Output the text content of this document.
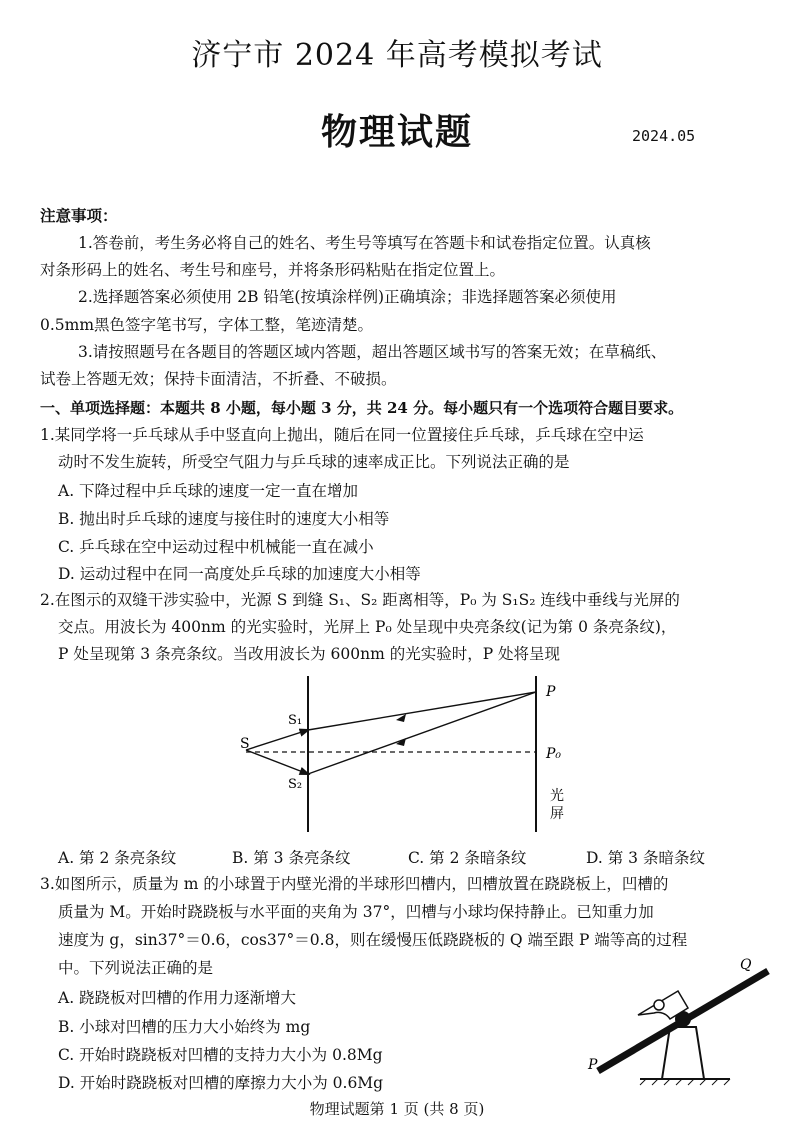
济宁市 2024 年高考模拟考试
物理试题	2024.05
注意事项：
1.答卷前，考生务必将自己的姓名、考生号等填写在答题卡和试卷指定位置。认真核
对条形码上的姓名、考生号和座号，并将条形码粘贴在指定位置上。
2.选择题答案必须使用 2B 铅笔(按填涂样例)正确填涂；非选择题答案必须使用
0.5mm黑色签字笔书写，字体工整，笔迹清楚。
3.请按照题号在各题目的答题区域内答题，超出答题区域书写的答案无效；在草稿纸、
试卷上答题无效；保持卡面清洁，不折叠、不破损。
一、单项选择题：本题共 8 小题，每小题 3 分，共 24 分。每小题只有一个选项符合题目要求。
1.某同学将一乒乓球从手中竖直向上抛出，随后在同一位置接住乒乓球，乒乓球在空中运
动时不发生旋转，所受空气阻力与乒乓球的速率成正比。下列说法正确的是
A. 下降过程中乒乓球的速度一定一直在增加
B. 抛出时乒乓球的速度与接住时的速度大小相等
C. 乒乓球在空中运动过程中机械能一直在减小
D. 运动过程中在同一高度处乒乓球的加速度大小相等
2.在图示的双缝干涉实验中，光源 S 到缝 S₁、S₂ 距离相等，P₀ 为 S₁S₂ 连线中垂线与光屏的
交点。用波长为 400nm 的光实验时，光屏上 P₀ 处呈现中央亮条纹(记为第 0 条亮条纹)，
P 处呈现第 3 条亮条纹。当改用波长为 600nm 的光实验时，P 处将呈现
S
S₁
S₂
P
P₀
光
屏
A. 第 2 条亮条纹	B. 第 3 条亮条纹	C. 第 2 条暗条纹	D. 第 3 条暗条纹
3.如图所示，质量为 m 的小球置于内壁光滑的半球形凹槽内，凹槽放置在跷跷板上，凹槽的
质量为 M。开始时跷跷板与水平面的夹角为 37°，凹槽与小球均保持静止。已知重力加
速度为 g，sin37°＝0.6，cos37°＝0.8，则在缓慢压低跷跷板的 Q 端至跟 P 端等高的过程
中。下列说法正确的是
A. 跷跷板对凹槽的作用力逐渐增大
B. 小球对凹槽的压力大小始终为 mg
C. 开始时跷跷板对凹槽的支持力大小为 0.8Mg
D. 开始时跷跷板对凹槽的摩擦力大小为 0.6Mg
Q
P
物理试题第 1 页 (共 8 页)
